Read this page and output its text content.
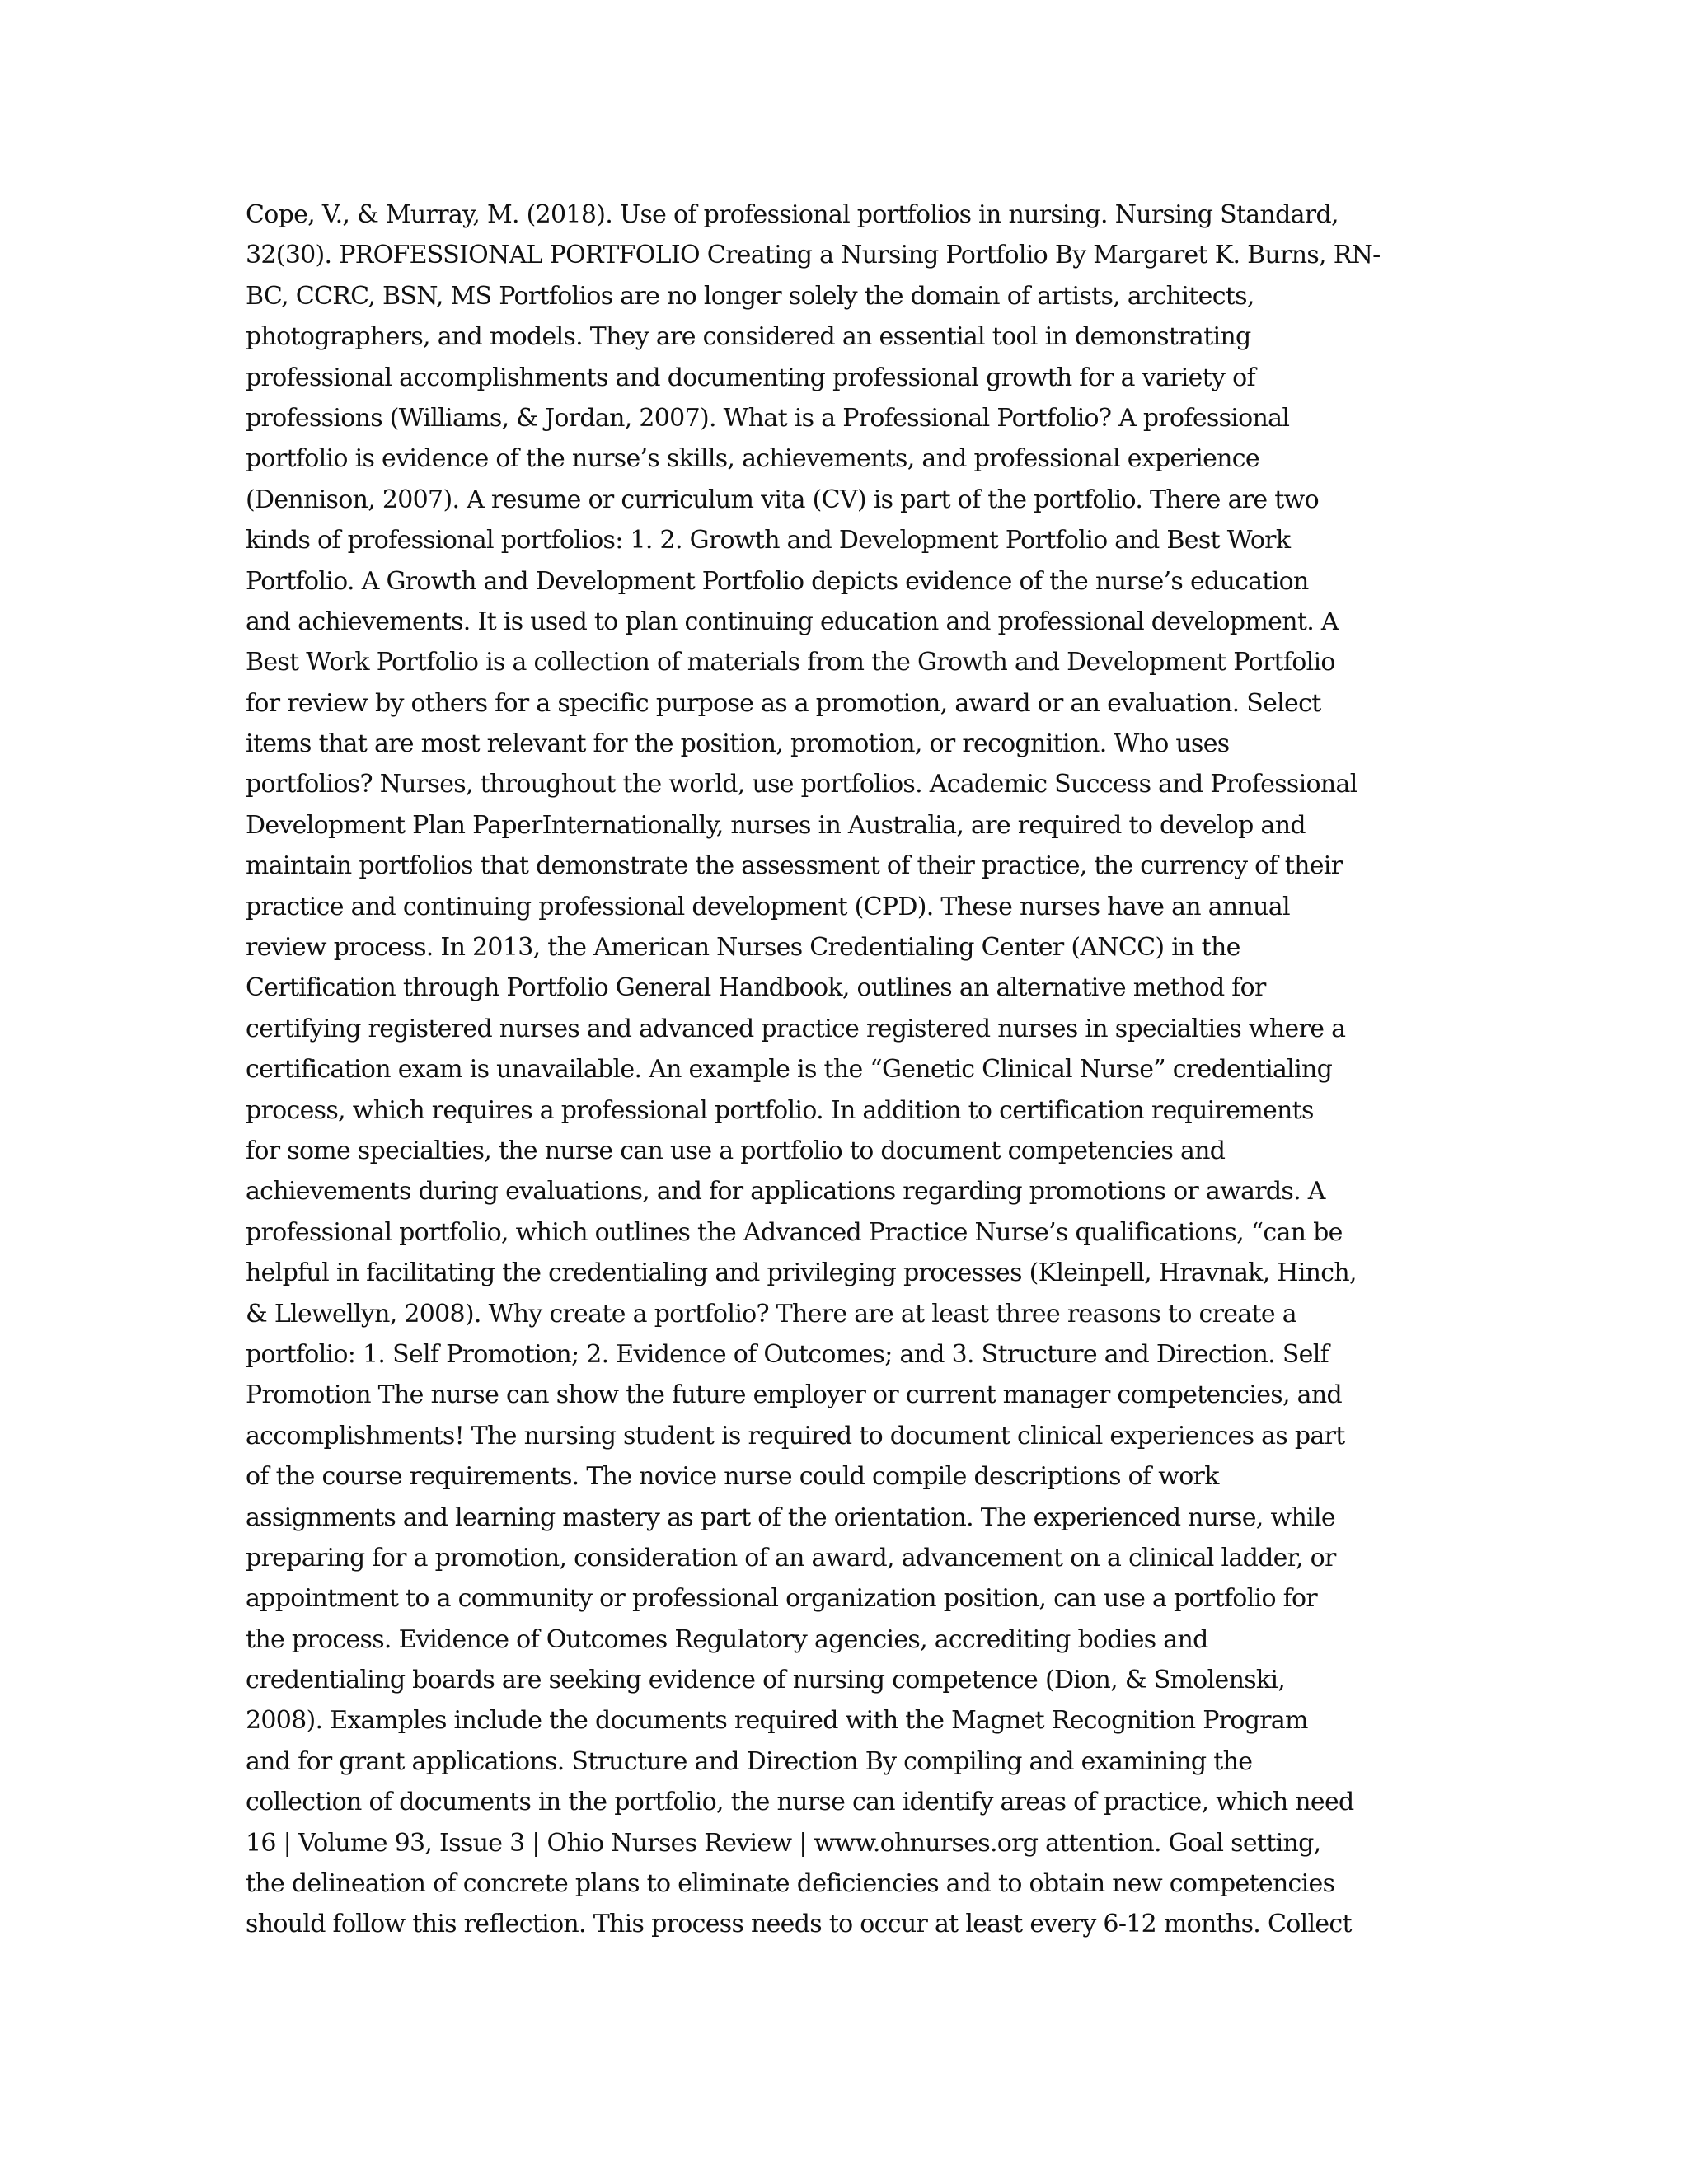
Cope, V., & Murray, M. (2018). Use of professional portfolios in nursing. Nursing Standard,
32(30). PROFESSIONAL PORTFOLIO Creating a Nursing Portfolio By Margaret K. Burns, RN-
BC, CCRC, BSN, MS Portfolios are no longer solely the domain of artists, architects,
photographers, and models. They are considered an essential tool in demonstrating
professional accomplishments and documenting professional growth for a variety of
professions (Williams, & Jordan, 2007). What is a Professional Portfolio? A professional
portfolio is evidence of the nurse’s skills, achievements, and professional experience
(Dennison, 2007). A resume or curriculum vita (CV) is part of the portfolio. There are two
kinds of professional portfolios: 1. 2. Growth and Development Portfolio and Best Work
Portfolio. A Growth and Development Portfolio depicts evidence of the nurse’s education
and achievements. It is used to plan continuing education and professional development. A
Best Work Portfolio is a collection of materials from the Growth and Development Portfolio
for review by others for a specific purpose as a promotion, award or an evaluation. Select
items that are most relevant for the position, promotion, or recognition. Who uses
portfolios? Nurses, throughout the world, use portfolios. Academic Success and Professional
Development Plan PaperInternationally, nurses in Australia, are required to develop and
maintain portfolios that demonstrate the assessment of their practice, the currency of their
practice and continuing professional development (CPD). These nurses have an annual
review process. In 2013, the American Nurses Credentialing Center (ANCC) in the
Certification through Portfolio General Handbook, outlines an alternative method for
certifying registered nurses and advanced practice registered nurses in specialties where a
certification exam is unavailable. An example is the “Genetic Clinical Nurse” credentialing
process, which requires a professional portfolio. In addition to certification requirements
for some specialties, the nurse can use a portfolio to document competencies and
achievements during evaluations, and for applications regarding promotions or awards. A
professional portfolio, which outlines the Advanced Practice Nurse’s qualifications, “can be
helpful in facilitating the credentialing and privileging processes (Kleinpell, Hravnak, Hinch,
& Llewellyn, 2008). Why create a portfolio? There are at least three reasons to create a
portfolio: 1. Self Promotion; 2. Evidence of Outcomes; and 3. Structure and Direction. Self
Promotion The nurse can show the future employer or current manager competencies, and
accomplishments! The nursing student is required to document clinical experiences as part
of the course requirements. The novice nurse could compile descriptions of work
assignments and learning mastery as part of the orientation. The experienced nurse, while
preparing for a promotion, consideration of an award, advancement on a clinical ladder, or
appointment to a community or professional organization position, can use a portfolio for
the process. Evidence of Outcomes Regulatory agencies, accrediting bodies and
credentialing boards are seeking evidence of nursing competence (Dion, & Smolenski,
2008). Examples include the documents required with the Magnet Recognition Program
and for grant applications. Structure and Direction By compiling and examining the
collection of documents in the portfolio, the nurse can identify areas of practice, which need
16 | Volume 93, Issue 3 | Ohio Nurses Review | www.ohnurses.org attention. Goal setting,
the delineation of concrete plans to eliminate deficiencies and to obtain new competencies
should follow this reflection. This process needs to occur at least every 6-12 months. Collect
